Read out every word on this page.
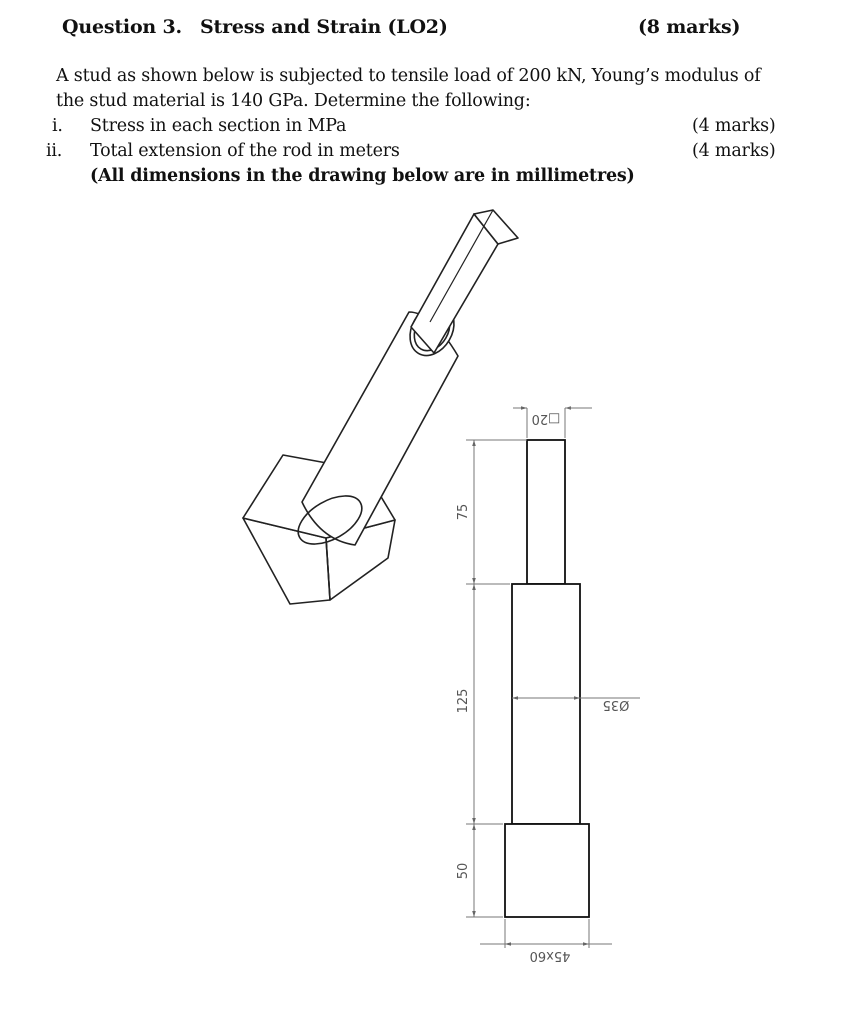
Question 3. Stress and Strain (LO2)	(8 marks)
A stud as shown below is subjected to tensile load of 200 kN, Young’s modulus of
the stud material is 140 GPa. Determine the following:
i. Stress in each section in MPa	(4 marks)
ii. Total extension of the rod in meters	(4 marks)
(All dimensions in the drawing below are in millimetres)
□20
75
125	Ø35
50
45x60
